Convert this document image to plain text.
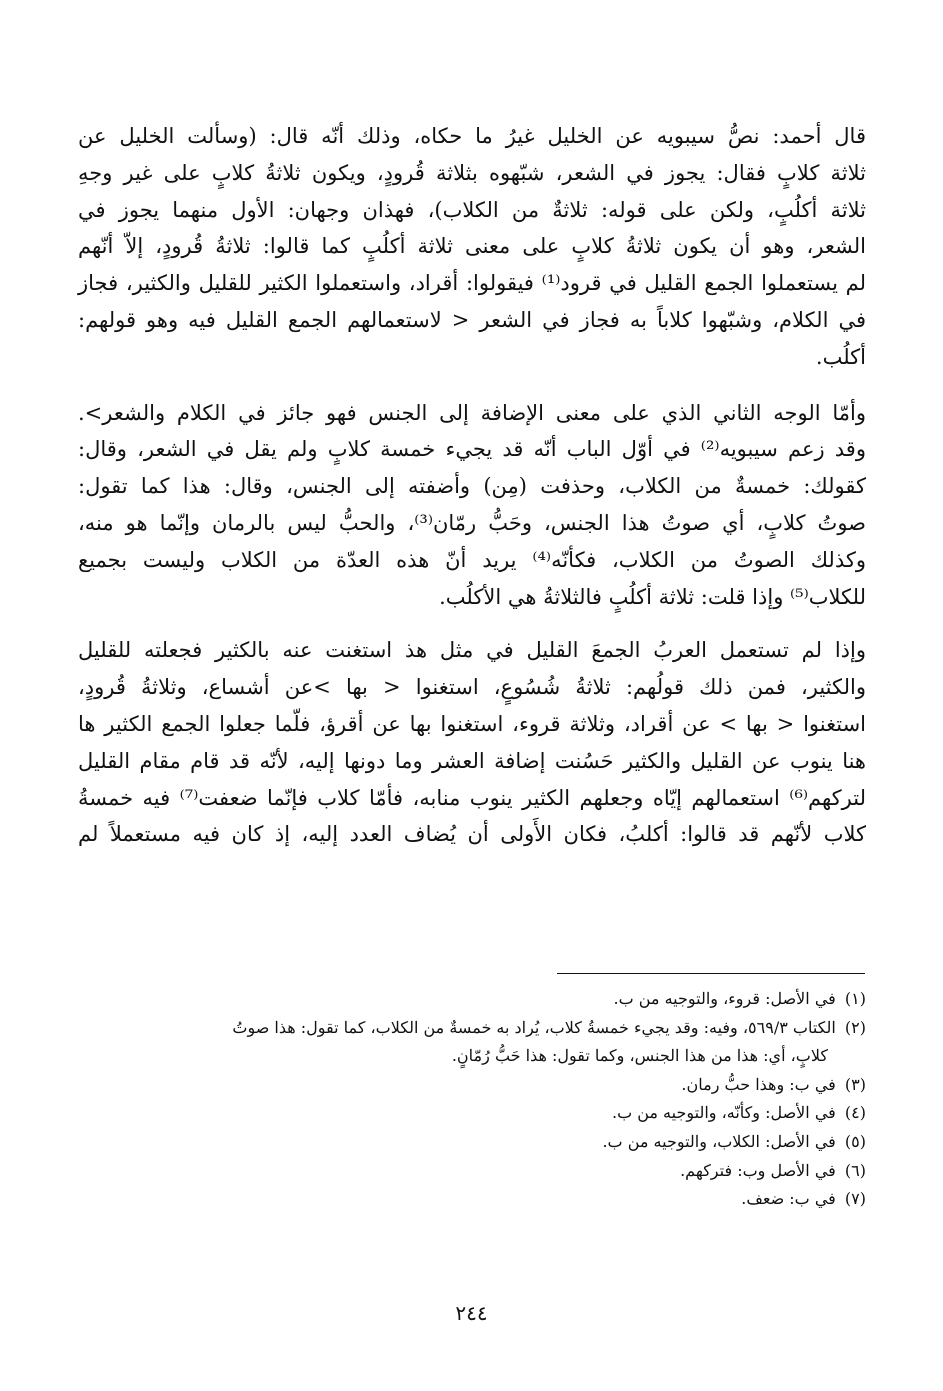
قال أحمد: نصُّ سيبويه عن الخليل غيرُ ما حكاه، وذلك أنّه قال: (وسألت الخليل عن
ثلاثة كلابٍ فقال: يجوز في الشعر، شبّهوه بثلاثة قُرودٍ، ويكون ثلاثةُ كلابٍ على غير وجهِ
ثلاثة أكلُبٍ، ولكن على قوله: ثلاثةٌ من الكلاب)، فهذان وجهان: الأول منهما يجوز في
الشعر، وهو أن يكون ثلاثةُ كلابٍ على معنى ثلاثة أكلُبٍ كما قالوا: ثلاثةُ قُرودٍ، إلاّ أنّهم
لم يستعملوا الجمع القليل في قرود⁽¹⁾ فيقولوا: أقراد، واستعملوا الكثير للقليل والكثير، فجاز
في الكلام، وشبّهوا كلاباً به فجاز في الشعر < لاستعمالهم الجمع القليل فيه وهو قولهم:
أكلُب.

وأمّا الوجه الثاني الذي على معنى الإضافة إلى الجنس فهو جائز في الكلام والشعر>.
وقد زعم سيبويه⁽²⁾ في أوّل الباب أنّه قد يجيء خمسة كلابٍ ولم يقل في الشعر، وقال:
كقولك: خمسةٌ من الكلاب، وحذفت (مِن) وأضفته إلى الجنس، وقال: هذا كما تقول:
صوتُ كلابٍ، أي صوتُ هذا الجنس، وحَبُّ رمّان⁽³⁾، والحبُّ ليس بالرمان وإنّما هو منه،
وكذلك الصوتُ من الكلاب، فكأنّه⁽⁴⁾ يريد أنّ هذه العدّة من الكلاب وليست بجميع
للكلاب⁽⁵⁾ وإذا قلت: ثلاثة أكلُبٍ فالثلاثةُ هي الأكلُب.

وإذا لم تستعمل العربُ الجمعَ القليل في مثل هذ استغنت عنه بالكثير فجعلته للقليل
والكثير، فمن ذلك قولُهم: ثلاثةُ شُسُوعٍ، استغنوا < بها >عن أشساع، وثلاثةُ قُرودٍ،
استغنوا < بها > عن أقراد، وثلاثة قروء، استغنوا بها عن أقرؤ، فلّما جعلوا الجمع الكثير ها
هنا ينوب عن القليل والكثير حَسُنت إضافة العشر وما دونها إليه، لأنّه قد قام مقام القليل
لتركهم⁽⁶⁾ استعمالهم إيّاه وجعلهم الكثير ينوب منابه، فأمّا كلاب فإنّما ضعفت⁽⁷⁾ فيه خمسةُ
كلاب لأنّهم قد قالوا: أكلبُ، فكان الأَولى أن يُضاف العدد إليه، إذ كان فيه مستعملاً لم

(١) في الأصل: قروء، والتوجيه من ب.
(٢) الكتاب ٥٦٩/٣، وفيه: وقد يجيء خمسةُ كلاب، يُراد به خمسةٌ من الكلاب، كما تقول: هذا صوتُ
كلابٍ، أي: هذا من هذا الجنس، وكما تقول: هذا حَبُّ رُمّانٍ.
(٣) في ب: وهذا حبُّ رمان.
(٤) في الأصل: وكأنّه، والتوجيه من ب.
(٥) في الأصل: الكلاب، والتوجيه من ب.
(٦) في الأصل وب: فتركهم.
(٧) في ب: ضعف.
٢٤٤
